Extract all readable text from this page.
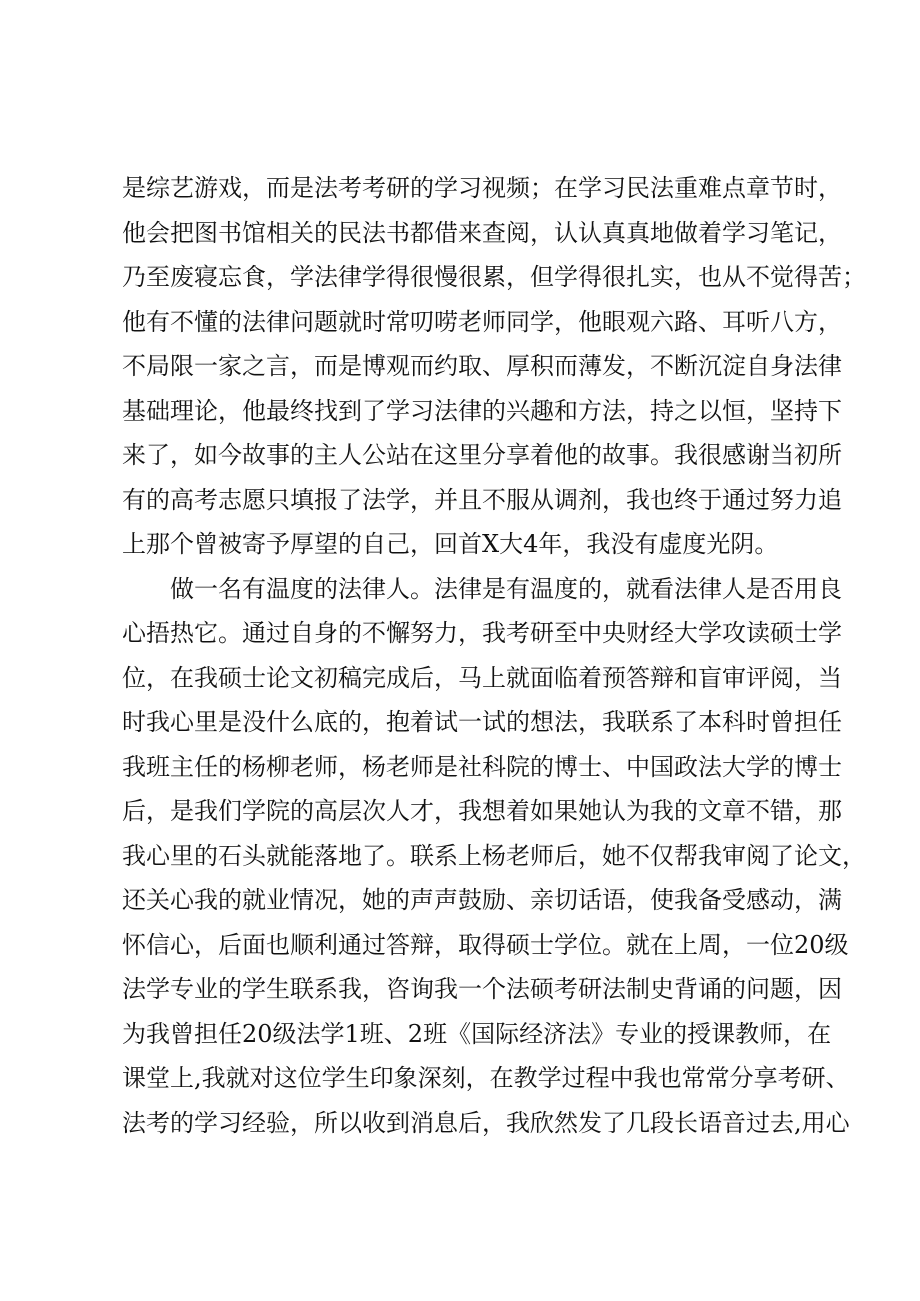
是综艺游戏，而是法考考研的学习视频；在学习民法重难点章节时，
他会把图书馆相关的民法书都借来查阅，认认真真地做着学习笔记，
乃至废寝忘食，学法律学得很慢很累，但学得很扎实，也从不觉得苦；
他有不懂的法律问题就时常叨唠老师同学，他眼观六路、耳听八方，
不局限一家之言，而是博观而约取、厚积而薄发，不断沉淀自身法律
基础理论，他最终找到了学习法律的兴趣和方法，持之以恒，坚持下
来了，如今故事的主人公站在这里分享着他的故事。我很感谢当初所
有的高考志愿只填报了法学，并且不服从调剂，我也终于通过努力追
上那个曾被寄予厚望的自己，回首X大4年，我没有虚度光阴。
做一名有温度的法律人。法律是有温度的，就看法律人是否用良
心捂热它。通过自身的不懈努力，我考研至中央财经大学攻读硕士学
位，在我硕士论文初稿完成后，马上就面临着预答辩和盲审评阅，当
时我心里是没什么底的，抱着试一试的想法，我联系了本科时曾担任
我班主任的杨柳老师，杨老师是社科院的博士、中国政法大学的博士
后，是我们学院的高层次人才，我想着如果她认为我的文章不错，那
我心里的石头就能落地了。联系上杨老师后，她不仅帮我审阅了论文，
还关心我的就业情况，她的声声鼓励、亲切话语，使我备受感动，满
怀信心，后面也顺利通过答辩，取得硕士学位。就在上周，一位20级
法学专业的学生联系我，咨询我一个法硕考研法制史背诵的问题，因
为我曾担任20级法学1班、2班《国际经济法》专业的授课教师，在
课堂上,我就对这位学生印象深刻，在教学过程中我也常常分享考研、
法考的学习经验，所以收到消息后，我欣然发了几段长语音过去,用心
